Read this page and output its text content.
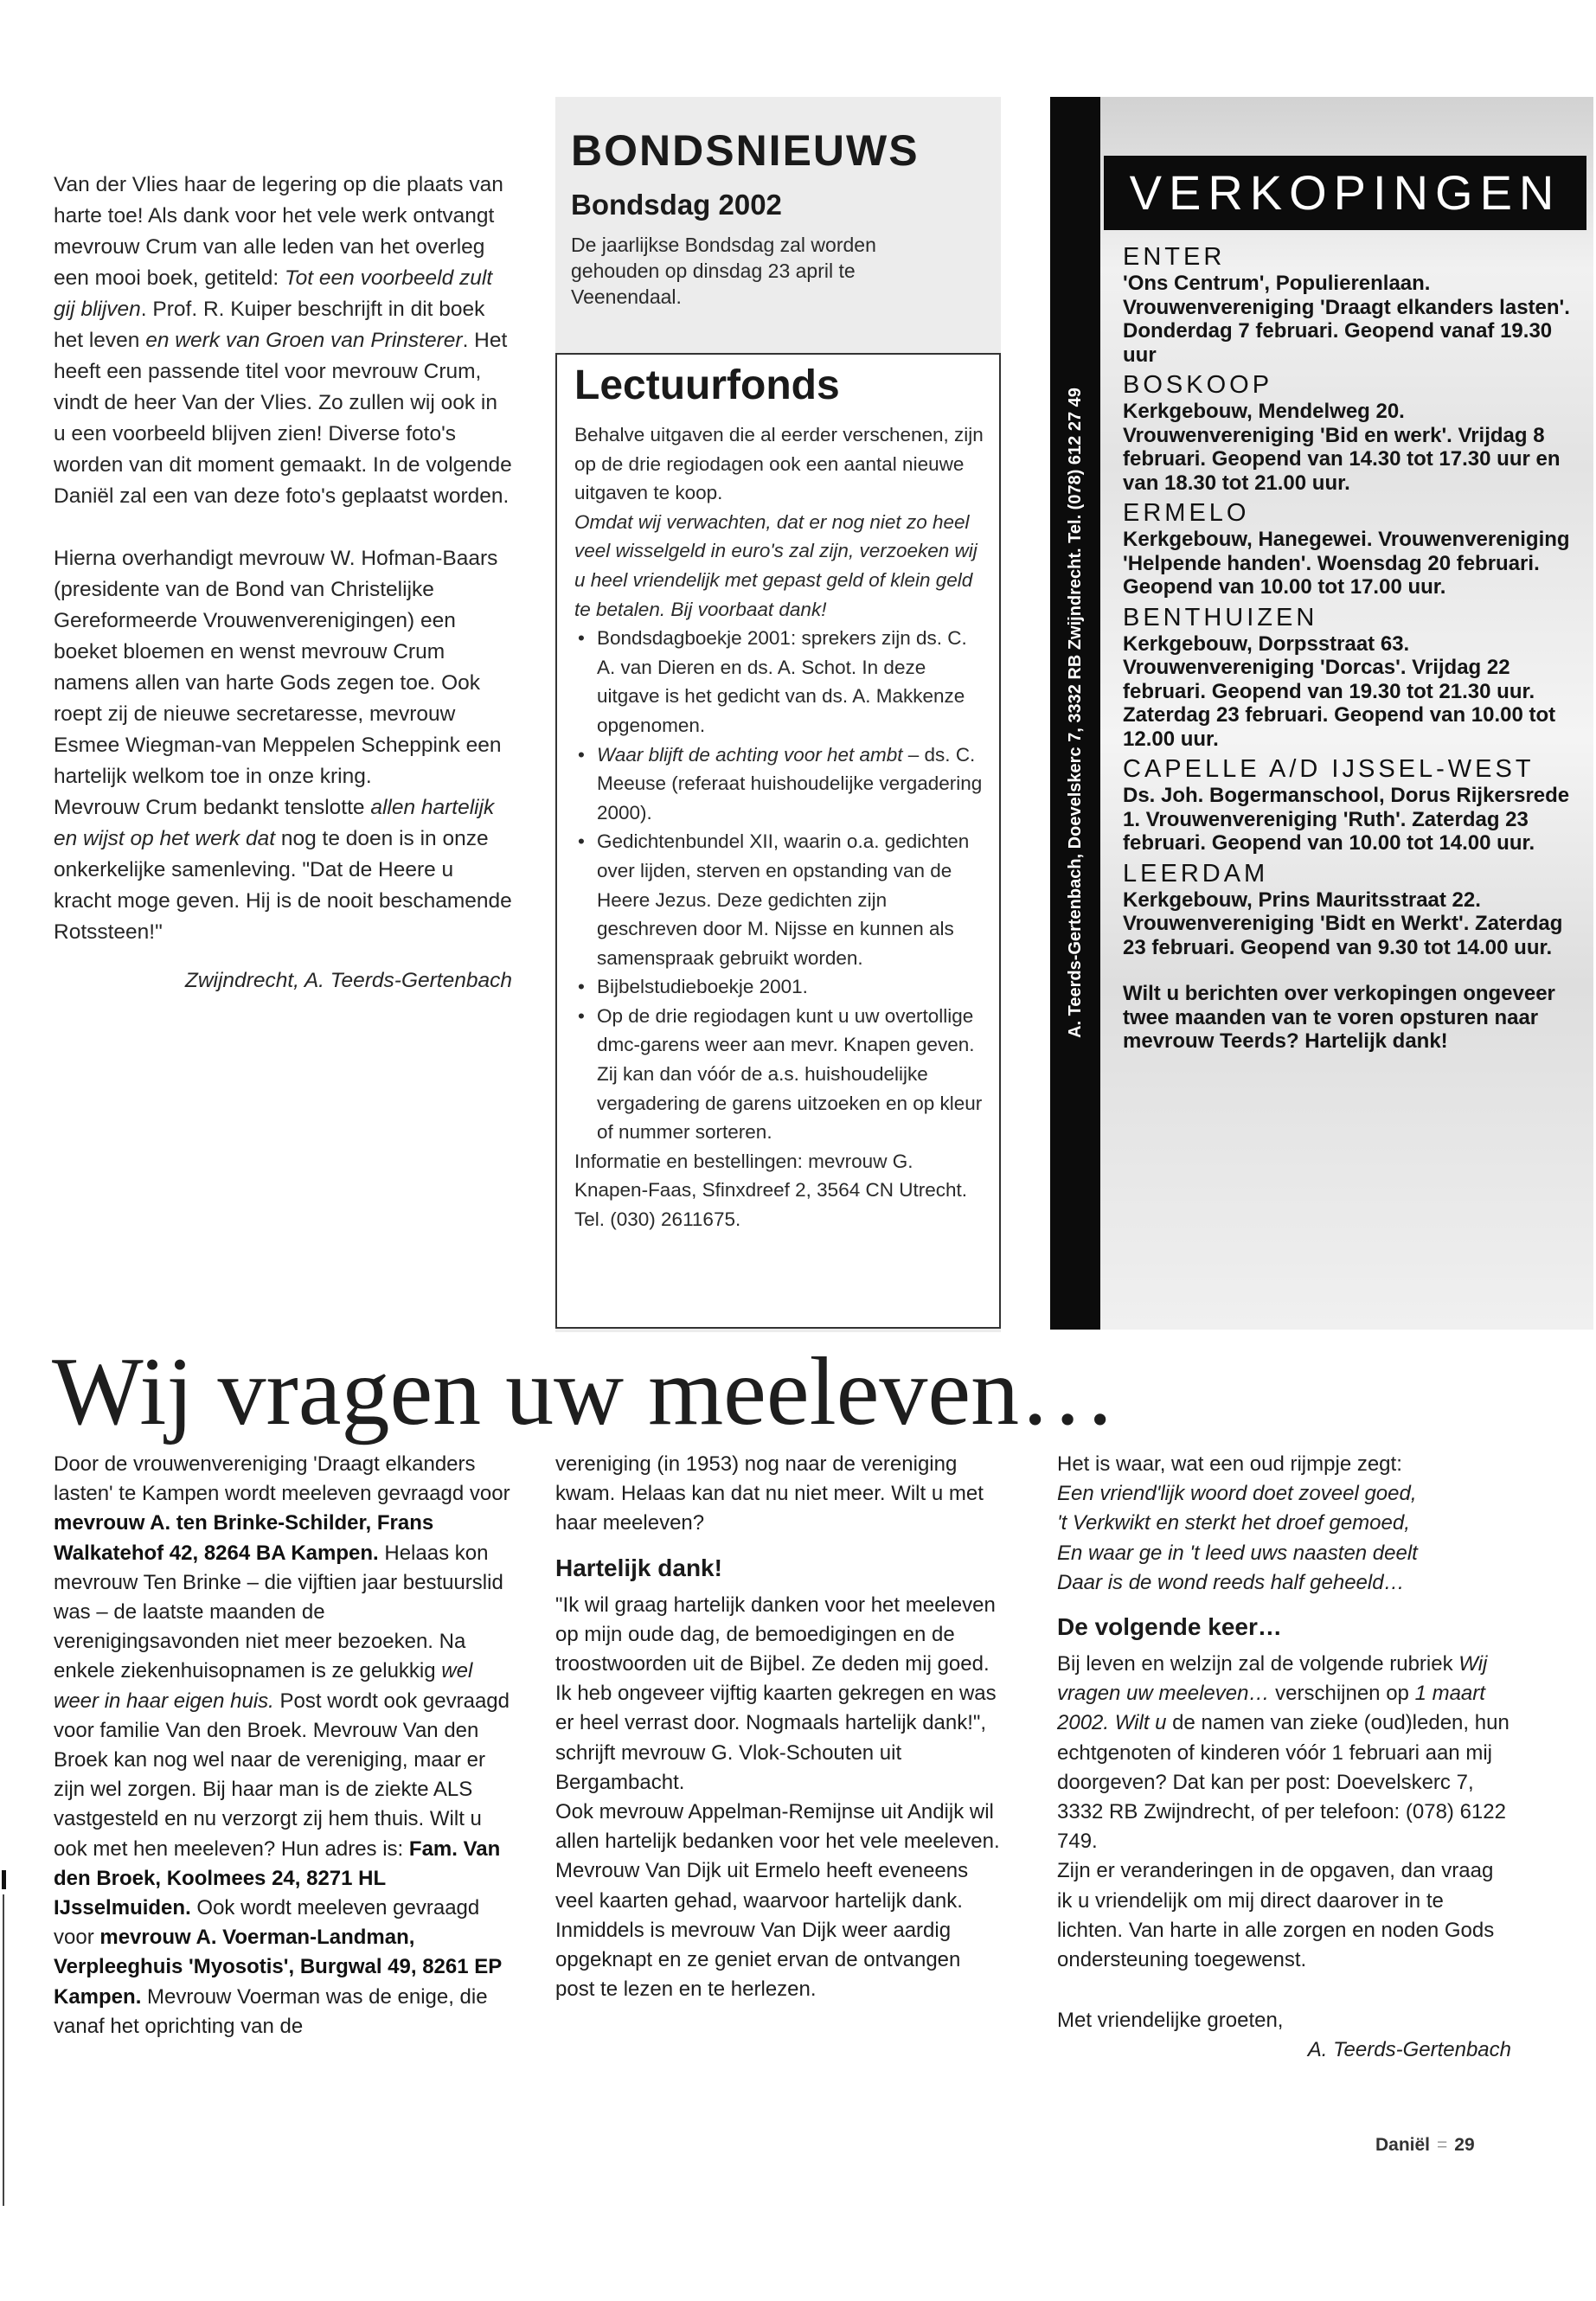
Van der Vlies haar de legering op die plaats van harte toe! Als dank voor het vele werk ontvangt mevrouw Crum van alle leden van het overleg een mooi boek, getiteld: Tot een voorbeeld zult gij blijven. Prof. R. Kuiper beschrijft in dit boek het leven en werk van Groen van Prinsterer. Het heeft een passende titel voor mevrouw Crum, vindt de heer Van der Vlies. Zo zullen wij ook in u een voorbeeld blijven zien! Diverse foto's worden van dit moment gemaakt. In de volgende Daniël zal een van deze foto's geplaatst worden.

Hierna overhandigt mevrouw W. Hofman-Baars (presidente van de Bond van Christelijke Gereformeerde Vrouwenverenigingen) een boeket bloemen en wenst mevrouw Crum namens allen van harte Gods zegen toe. Ook roept zij de nieuwe secretaresse, mevrouw Esmee Wiegman-van Meppelen Scheppink een hartelijk welkom toe in onze kring.

Mevrouw Crum bedankt tenslotte allen hartelijk en wijst op het werk dat nog te doen is in onze onkerkelijke samenleving. "Dat de Heere u kracht moge geven. Hij is de nooit beschamende Rotssteen!"

Zwijndrecht, A. Teerds-Gertenbach

BONDSNIEUWS
Bondsdag 2002
De jaarlijkse Bondsdag zal worden gehouden op dinsdag 23 april te Veenendaal.
Lectuurfonds

Behalve uitgaven die al eerder verschenen, zijn op de drie regiodagen ook een aantal nieuwe uitgaven te koop.

Omdat wij verwachten, dat er nog niet zo heel veel wisselgeld in euro's zal zijn, verzoeken wij u heel vriendelijk met gepast geld of klein geld te betalen. Bij voorbaat dank!

• Bondsdagboekje 2001: sprekers zijn ds. C. A. van Dieren en ds. A. Schot. In deze uitgave is het gedicht van ds. A. Makkenze opgenomen.
• Waar blijft de achting voor het ambt – ds. C. Meeuse (referaat huishoudelijke vergadering 2000).
• Gedichtenbundel XII, waarin o.a. gedichten over lijden, sterven en opstanding van de Heere Jezus. Deze gedichten zijn geschreven door M. Nijsse en kunnen als samenspraak gebruikt worden.
• Bijbelstudieboekje 2001.
• Op de drie regiodagen kunt u uw overtollige dmc-garens weer aan mevr. Knapen geven. Zij kan dan vóór de a.s. huishoudelijke vergadering de garens uitzoeken en op kleur of nummer sorteren.

Informatie en bestellingen: mevrouw G. Knapen-Faas, Sfinxdreef 2, 3564 CN Utrecht. Tel. (030) 2611675.

A. Teerds-Gertenbach, Doevelskerc 7, 3332 RB Zwijndrecht. Tel. (078) 612 27 49
VERKOPINGEN
ENTER
'Ons Centrum', Populierenlaan. Vrouwenvereniging 'Draagt elkanders lasten'. Donderdag 7 februari. Geopend vanaf 19.30 uur
BOSKOOP
Kerkgebouw, Mendelweg 20. Vrouwenvereniging 'Bid en werk'. Vrijdag 8 februari. Geopend van 14.30 tot 17.30 uur en van 18.30 tot 21.00 uur.
ERMELO
Kerkgebouw, Hanegewei. Vrouwenvereniging 'Helpende handen'. Woensdag 20 februari. Geopend van 10.00 tot 17.00 uur.
BENTHUIZEN
Kerkgebouw, Dorpsstraat 63. Vrouwenvereniging 'Dorcas'. Vrijdag 22 februari. Geopend van 19.30 tot 21.30 uur. Zaterdag 23 februari. Geopend van 10.00 tot 12.00 uur.
CAPELLE A/D IJSSEL-WEST
Ds. Joh. Bogermanschool, Dorus Rijkersrede 1. Vrouwenvereniging 'Ruth'. Zaterdag 23 februari. Geopend van 10.00 tot 14.00 uur.
LEERDAM
Kerkgebouw, Prins Mauritsstraat 22. Vrouwenvereniging 'Bidt en Werkt'. Zaterdag 23 februari. Geopend van 9.30 tot 14.00 uur.
Wilt u berichten over verkopingen ongeveer twee maanden van te voren opsturen naar mevrouw Teerds? Hartelijk dank!
Wij vragen uw meeleven…

Door de vrouwenvereniging 'Draagt elkanders lasten' te Kampen wordt meeleven gevraagd voor mevrouw A. ten Brinke-Schilder, Frans Walkatehof 42, 8264 BA Kampen. Helaas kon mevrouw Ten Brinke – die vijftien jaar bestuurslid was – de laatste maanden de verenigingsavonden niet meer bezoeken. Na enkele ziekenhuisopnamen is ze gelukkig wel weer in haar eigen huis. Post wordt ook gevraagd voor familie Van den Broek. Mevrouw Van den Broek kan nog wel naar de vereniging, maar er zijn wel zorgen. Bij haar man is de ziekte ALS vastgesteld en nu verzorgt zij hem thuis. Wilt u ook met hen meeleven? Hun adres is: Fam. Van den Broek, Koolmees 24, 8271 HL IJsselmuiden. Ook wordt meeleven gevraagd voor mevrouw A. Voerman-Landman, Verpleeghuis 'Myosotis', Burgwal 49, 8261 EP Kampen. Mevrouw Voerman was de enige, die vanaf het oprichting van de

vereniging (in 1953) nog naar de vereniging kwam. Helaas kan dat nu niet meer. Wilt u met haar meeleven?

Hartelijk dank!

"Ik wil graag hartelijk danken voor het meeleven op mijn oude dag, de bemoedigingen en de troostwoorden uit de Bijbel. Ze deden mij goed. Ik heb ongeveer vijftig kaarten gekregen en was er heel verrast door. Nogmaals hartelijk dank!", schrijft mevrouw G. Vlok-Schouten uit Bergambacht.

Ook mevrouw Appelman-Remijnse uit Andijk wil allen hartelijk bedanken voor het vele meeleven.

Mevrouw Van Dijk uit Ermelo heeft eveneens veel kaarten gehad, waarvoor hartelijk dank. Inmiddels is mevrouw Van Dijk weer aardig opgeknapt en ze geniet ervan de ontvangen post te lezen en te herlezen.

Het is waar, wat een oud rijmpje zegt:

Een vriend'lijk woord doet zoveel goed,

't Verkwikt en sterkt het droef gemoed,

En waar ge in 't leed uws naasten deelt

Daar is de wond reeds half geheeld…

De volgende keer…

Bij leven en welzijn zal de volgende rubriek Wij vragen uw meeleven… verschijnen op 1 maart 2002. Wilt u de namen van zieke (oud)leden, hun echtgenoten of kinderen vóór 1 februari aan mij doorgeven? Dat kan per post: Doevelskerc 7, 3332 RB Zwijndrecht, of per telefoon: (078) 6122 749.

Zijn er veranderingen in de opgaven, dan vraag ik u vriendelijk om mij direct daarover in te lichten. Van harte in alle zorgen en noden Gods ondersteuning toegewenst.

Met vriendelijke groeten,

A. Teerds-Gertenbach

Daniël = 29
